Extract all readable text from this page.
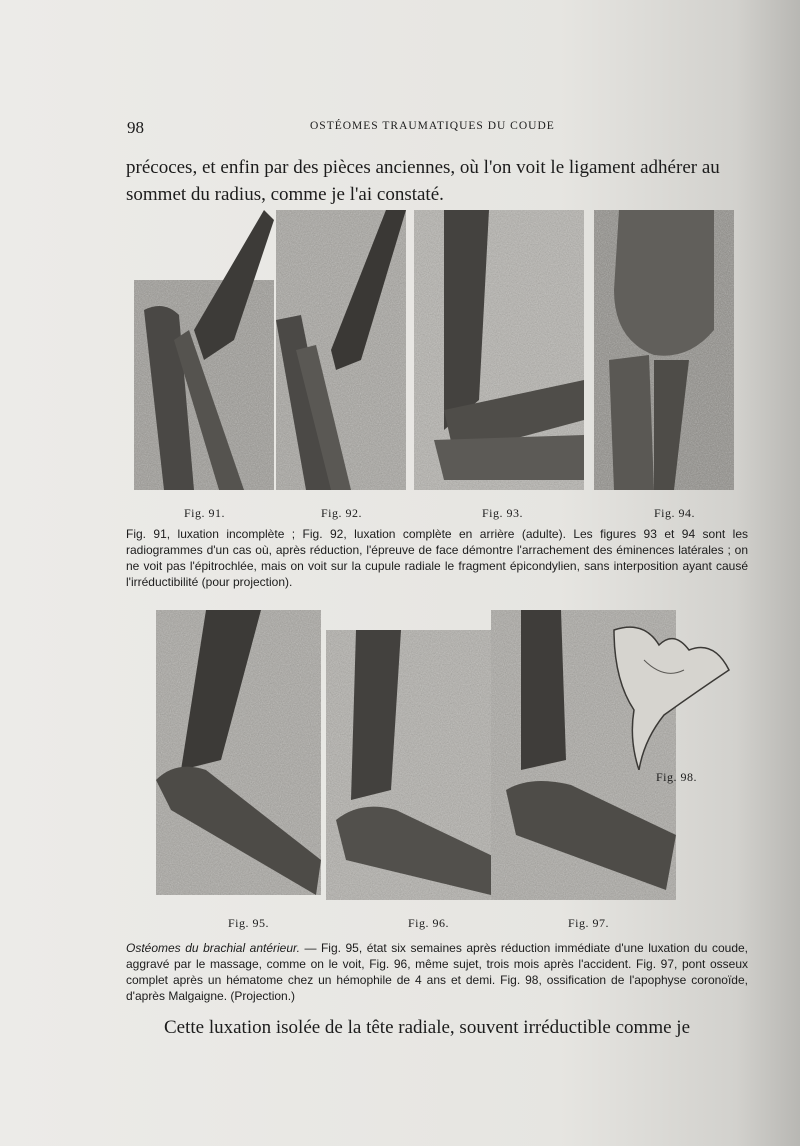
98	OSTÉOMES TRAUMATIQUES DU COUDE

précoces, et enfin par des pièces anciennes, où l'on voit le ligament adhérer au sommet du radius, comme je l'ai constaté.

Fig. 91.	Fig. 92.	Fig. 93.	Fig. 94.

Fig. 91, luxation incomplète ; Fig. 92, luxation complète en arrière (adulte). Les figures 93 et 94 sont les radiogrammes d'un cas où, après réduction, l'épreuve de face démontre l'arrachement des éminences latérales ; on ne voit pas l'épitrochlée, mais on voit sur la cupule radiale le fragment épicondylien, sans interposition ayant causé l'irréductibilité (pour projection).

Fig. 98.
Fig. 95.	Fig. 96.	Fig. 97.

Ostéomes du brachial antérieur. — Fig. 95, état six semaines après réduction immédiate d'une luxation du coude, aggravé par le massage, comme on le voit, Fig. 96, même sujet, trois mois après l'accident. Fig. 97, pont osseux complet après un hématome chez un hémophile de 4 ans et demi. Fig. 98, ossification de l'apophyse coronoïde, d'après Malgaigne. (Projection.)

Cette luxation isolée de la tête radiale, souvent irréductible comme je
